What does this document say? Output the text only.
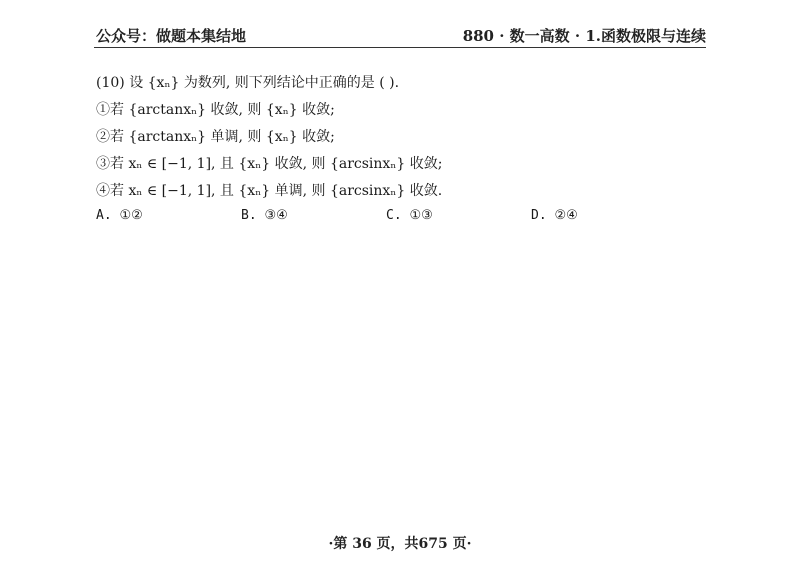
公众号：做题本集结地	880 · 数一高数 · 1.函数极限与连续
(10) 设 {xₙ} 为数列, 则下列结论中正确的是 ( ).
①若 {arctanxₙ} 收敛, 则 {xₙ} 收敛;
②若 {arctanxₙ} 单调, 则 {xₙ} 收敛;
③若 xₙ ∈ [−1, 1], 且 {xₙ} 收敛, 则 {arcsinxₙ} 收敛;
④若 xₙ ∈ [−1, 1], 且 {xₙ} 单调, 则 {arcsinxₙ} 收敛.
A. ①②	B. ③④	C. ①③	D. ②④
·第 36 页，共675 页·
